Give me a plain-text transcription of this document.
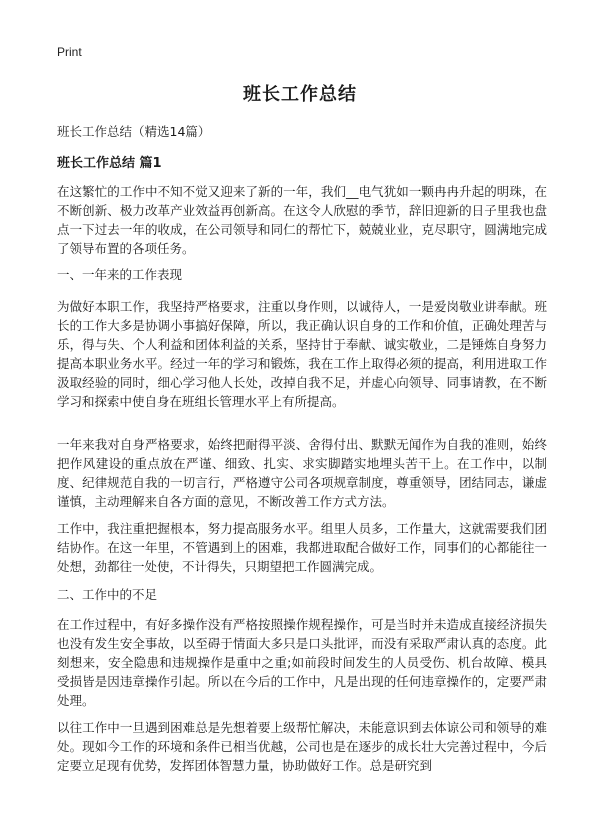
Print
班长工作总结
班长工作总结（精选14篇）
班长工作总结 篇1

在这繁忙的工作中不知不觉又迎来了新的一年，我们__电气犹如一颗冉冉升起的明珠，在不断创新、极力改革产业效益再创新高。在这令人欣慰的季节，辞旧迎新的日子里我也盘点一下过去一年的收成，在公司领导和同仁的帮忙下，兢兢业业，克尽职守，圆满地完成了领导布置的各项任务。

一、一年来的工作表现

为做好本职工作，我坚持严格要求，注重以身作则，以诚待人，一是爱岗敬业讲奉献。班长的工作大多是协调小事搞好保障，所以，我正确认识自身的工作和价值，正确处理苦与乐，得与失、个人利益和团体利益的关系，坚持甘于奉献、诚实敬业，二是锤炼自身努力提高本职业务水平。经过一年的学习和锻炼，我在工作上取得必须的提高，利用进取工作汲取经验的同时，细心学习他人长处，改掉自我不足，并虚心向领导、同事请教，在不断学习和探索中使自身在班组长管理水平上有所提高。

一年来我对自身严格要求，始终把耐得平淡、舍得付出、默默无闻作为自我的准则，始终把作风建设的重点放在严谨、细致、扎实、求实脚踏实地埋头苦干上。在工作中，以制度、纪律规范自我的一切言行，严格遵守公司各项规章制度，尊重领导，团结同志，谦虚谨慎，主动理解来自各方面的意见，不断改善工作方式方法。

工作中，我注重把握根本，努力提高服务水平。组里人员多，工作量大，这就需要我们团结协作。在这一年里，不管遇到上的困难，我都进取配合做好工作，同事们的心都能往一处想，劲都往一处使，不计得失，只期望把工作圆满完成。

二、工作中的不足

在工作过程中，有好多操作没有严格按照操作规程操作，可是当时并未造成直接经济损失也没有发生安全事故，以至碍于情面大多只是口头批评，而没有采取严肃认真的态度。此刻想来，安全隐患和违规操作是重中之重;如前段时间发生的人员受伤、机台故障、模具受损皆是因违章操作引起。所以在今后的工作中，凡是出现的任何违章操作的，定要严肃处理。

以往工作中一旦遇到困难总是先想着要上级帮忙解决，未能意识到去体谅公司和领导的难处。现如今工作的环境和条件已相当优越，公司也是在逐步的成长壮大完善过程中，今后定要立足现有优势，发挥团体智慧力量，协助做好工作。总是研究到
